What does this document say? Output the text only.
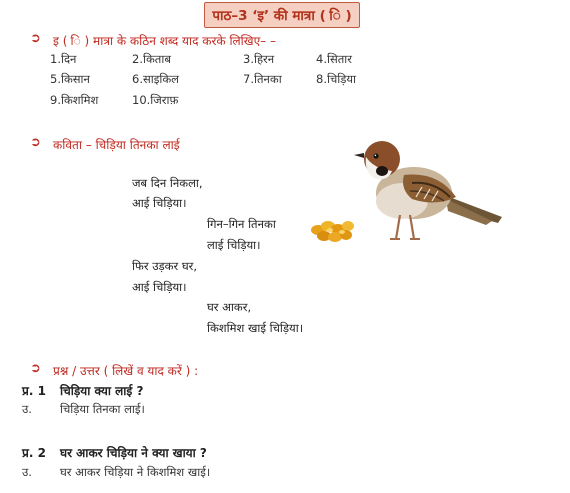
पाठ–3 ‘इ’ की मात्रा ( ि )
➲ इ ( ि ) मात्रा के कठिन शब्द याद करके लिखिए– –
1.दिन	2.किताब	3.हिरन	4.सितार
5.किसान	6.साइकिल	7.तिनका	8.चिड़िया
9.किशमिश	10.जिराफ़
➲ कविता – चिड़िया तिनका लाई
जब दिन निकला,
आई चिड़िया।
गिन–गिन तिनका
लाई चिड़िया।
फिर उड़कर घर,
आई चिड़िया।
घर आकर,
किशमिश खाई चिड़िया।
➲ प्रश्न / उत्तर ( लिखें व याद करें ) :
प्र. 1 चिड़िया क्या लाई ?
उ. चिड़िया तिनका लाई।
प्र. 2 घर आकर चिड़िया ने क्या खाया ?
उ. घर आकर चिड़िया ने किशमिश खाई।
